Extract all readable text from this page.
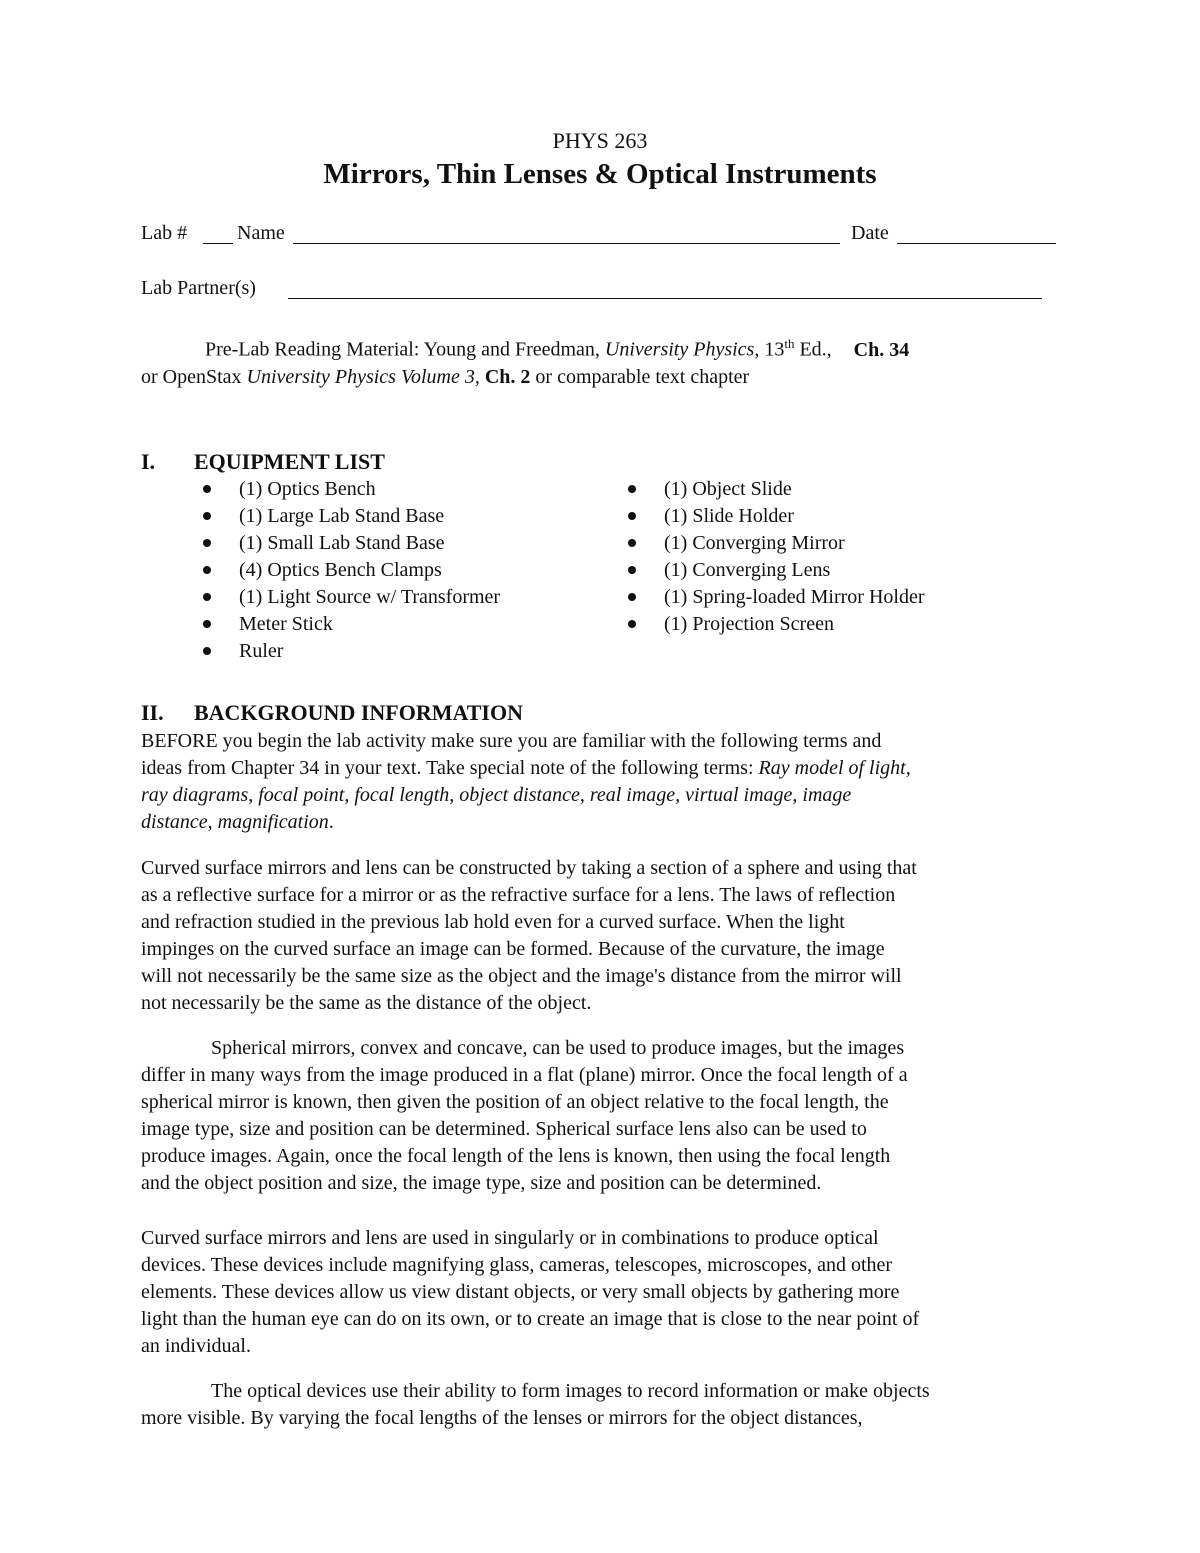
PHYS 263
Mirrors, Thin Lenses & Optical Instruments
Lab # Name	Date
Lab Partner(s)
Pre-Lab Reading Material: Young and Freedman, University Physics, 13th Ed., Ch. 34
or OpenStax University Physics Volume 3, Ch. 2 or comparable text chapter
I. EQUIPMENT LIST
(1) Optics Bench
(1) Large Lab Stand Base
(1) Small Lab Stand Base
(4) Optics Bench Clamps
(1) Light Source w/ Transformer
Meter Stick
Ruler
(1) Object Slide
(1) Slide Holder
(1) Converging Mirror
(1) Converging Lens
(1) Spring-loaded Mirror Holder
(1) Projection Screen
II. BACKGROUND INFORMATION
BEFORE you begin the lab activity make sure you are familiar with the following terms and
ideas from Chapter 34 in your text. Take special note of the following terms: Ray model of light,
ray diagrams, focal point, focal length, object distance, real image, virtual image, image
distance, magnification.
Curved surface mirrors and lens can be constructed by taking a section of a sphere and using that
as a reflective surface for a mirror or as the refractive surface for a lens. The laws of reflection
and refraction studied in the previous lab hold even for a curved surface. When the light
impinges on the curved surface an image can be formed. Because of the curvature, the image
will not necessarily be the same size as the object and the image's distance from the mirror will
not necessarily be the same as the distance of the object.
Spherical mirrors, convex and concave, can be used to produce images, but the images
differ in many ways from the image produced in a flat (plane) mirror. Once the focal length of a
spherical mirror is known, then given the position of an object relative to the focal length, the
image type, size and position can be determined. Spherical surface lens also can be used to
produce images. Again, once the focal length of the lens is known, then using the focal length
and the object position and size, the image type, size and position can be determined.
Curved surface mirrors and lens are used in singularly or in combinations to produce optical
devices. These devices include magnifying glass, cameras, telescopes, microscopes, and other
elements. These devices allow us view distant objects, or very small objects by gathering more
light than the human eye can do on its own, or to create an image that is close to the near point of
an individual.
The optical devices use their ability to form images to record information or make objects
more visible. By varying the focal lengths of the lenses or mirrors for the object distances,
